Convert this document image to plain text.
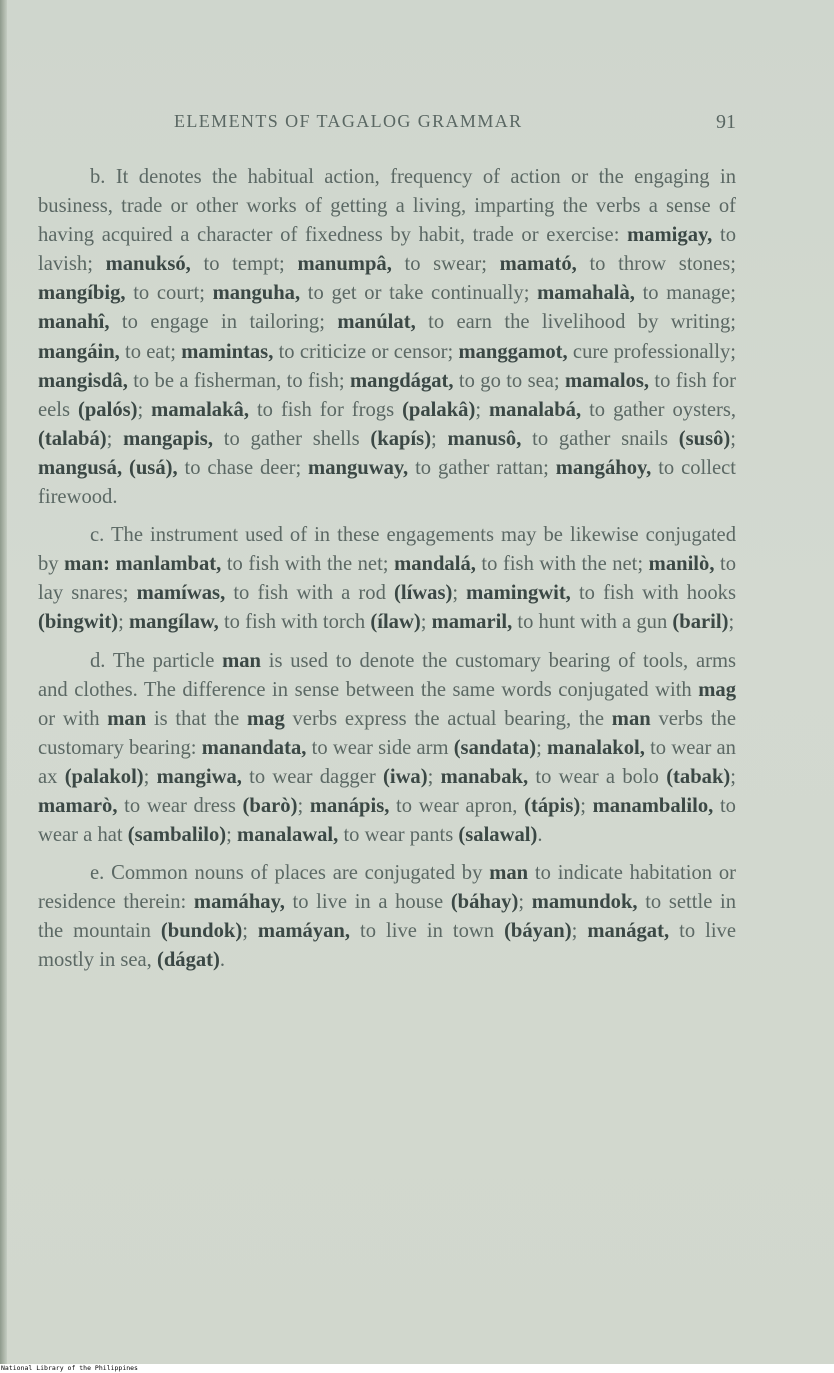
ELEMENTS OF TAGALOG GRAMMAR	91

b. It denotes the habitual action, frequency of action or the engaging in business, trade or other works of getting a living, imparting the verbs a sense of having acquired a character of fixedness by habit, trade or exercise: mamigay, to lavish; manuksó, to tempt; manumpâ, to swear; mamató, to throw stones; mangíbig, to court; manguha, to get or take continually; mamahalà, to manage; manahî, to engage in tailoring; manúlat, to earn the livelihood by writing; mangáin, to eat; mamintas, to criticize or censor; manggamot, cure professionally; mangisdâ, to be a fisherman, to fish; mangdágat, to go to sea; mamalos, to fish for eels (palós); mamalakâ, to fish for frogs (palakâ); manalabá, to gather oysters, (talabá); mangapis, to gather shells (kapís); manusô, to gather snails (susô); mangusá, (usá), to chase deer; manguway, to gather rattan; mangáhoy, to collect firewood.

c. The instrument used of in these engagements may be likewise conjugated by man: manlambat, to fish with the net; mandalá, to fish with the net; manilò, to lay snares; mamíwas, to fish with a rod (líwas); mamingwit, to fish with hooks (bingwit); mangílaw, to fish with torch (ílaw); mamaril, to hunt with a gun (baril);

d. The particle man is used to denote the customary bearing of tools, arms and clothes. The difference in sense between the same words conjugated with mag or with man is that the mag verbs express the actual bearing, the man verbs the customary bearing: manandata, to wear side arm (sandata); manalakol, to wear an ax (palakol); mangiwa, to wear dagger (iwa); manabak, to wear a bolo (tabak); mamarò, to wear dress (barò); manápis, to wear apron, (tápis); manambalilo, to wear a hat (sambalilo); manalawal, to wear pants (salawal).

e. Common nouns of places are conjugated by man to indicate habitation or residence therein: mamáhay, to live in a house (báhay); mamundok, to settle in the mountain (bundok); mamáyan, to live in town (báyan); manágat, to live mostly in sea, (dágat).

National Library of the Philippines
